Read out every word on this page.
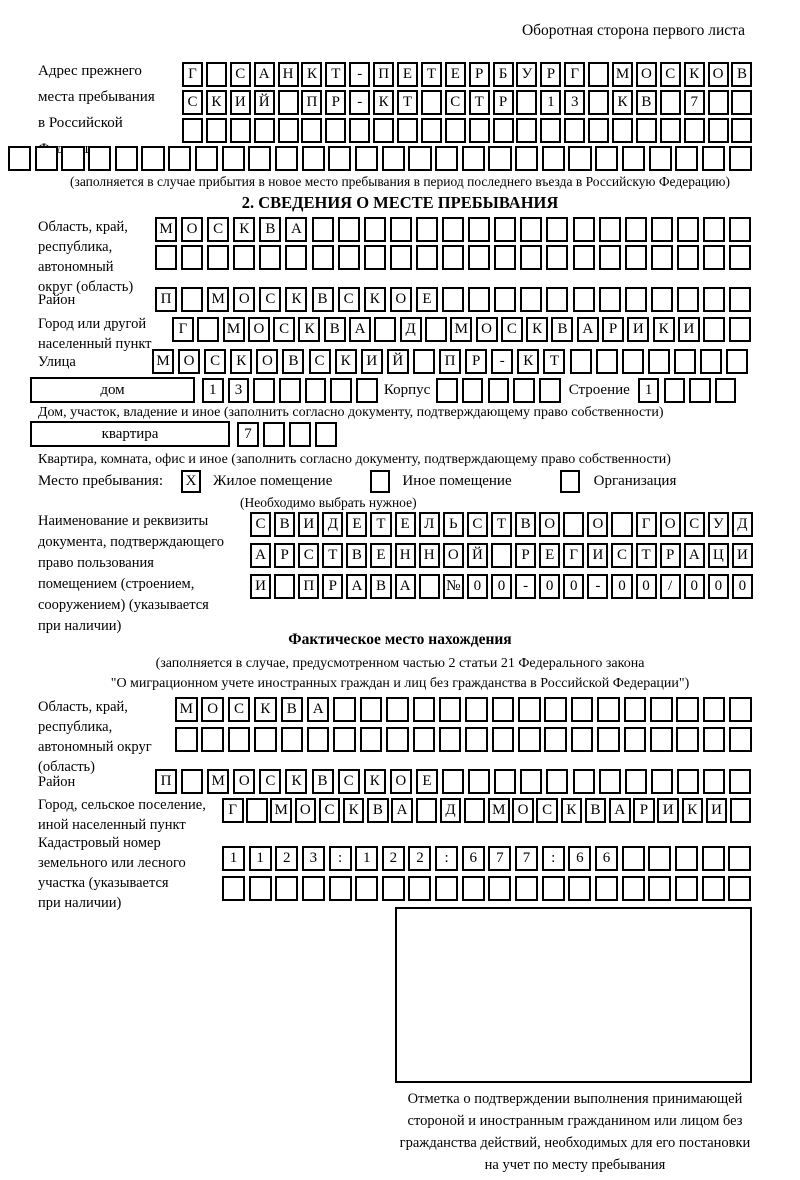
Оборотная сторона первого листа
Адрес прежнего
места пребывания
в Российской
Г	С А Н К Т	-	П Е Т Е	Р	Б У Р	Г	М О С К О В
С К И Й	П Р	-	К Т	С Т	Р	1	3	К В	7
(заполняется в случае прибытия в новое место пребывания в период последнего въезда в Российскую Федерацию)
2. СВЕДЕНИЯ О МЕСТЕ ПРЕБЫВАНИЯ
Область, край,
республика,
автономный
округ (область)
М О	С	К	В	А
Район	П	М О	С	К	В	С	К	О	Е
Город или другой
населенный пункт
Г	М О С	К	В А	Д	М О С	К	В А	Р	И К И
Улица	М О	С	К	О	В	С	К	И	Й	П	Р	-	К	Т
дом	1	3	Корпус	Строение	1
Дом, участок, владение и иное (заполнить согласно документу, подтверждающему право собственности)
квартира	7
Квартира, комната, офис и иное (заполнить согласно документу, подтверждающему право собственности)
Место пребывания:	X	Жилое помещение	Иное помещение	Организация
(Необходимо выбрать нужное)
Наименование и реквизиты
документа, подтверждающего
право пользования
помещением (строением,
сооружением) (указывается
при наличии)
С В И Д Е Т Е Л Ь С Т В О	О	Г О С У Д
А Р С Т В Е Н Н О Й	Р	Е	Г И С Т	Р А Ц И
И	П Р А В А	№ 0	0	-	0	0	-	0	0	/	0	0	0
Фактическое место нахождения
(заполняется в случае, предусмотренном частью 2 статьи 21 Федерального закона
"О миграционном учете иностранных граждан и лиц без гражданства в Российской Федерации")
Область, край,
республика,
автономный округ
(область)
М О	С	К	В	А
Район	П	М О	С	К	В	С	К	О	Е
Город, сельское поселение,
иной населенный пункт
Г	М О С К В А	Д	М О С К В А Р И К И
Кадастровый номер
земельного или лесного
участка (указывается
при наличии)
1	1	2	3	:	1	2	2	:	6	7	7	:	6	6
Отметка о подтверждении выполнения принимающей
стороной и иностранным гражданином или лицом без
гражданства действий, необходимых для его постановки
на учет по месту пребывания
